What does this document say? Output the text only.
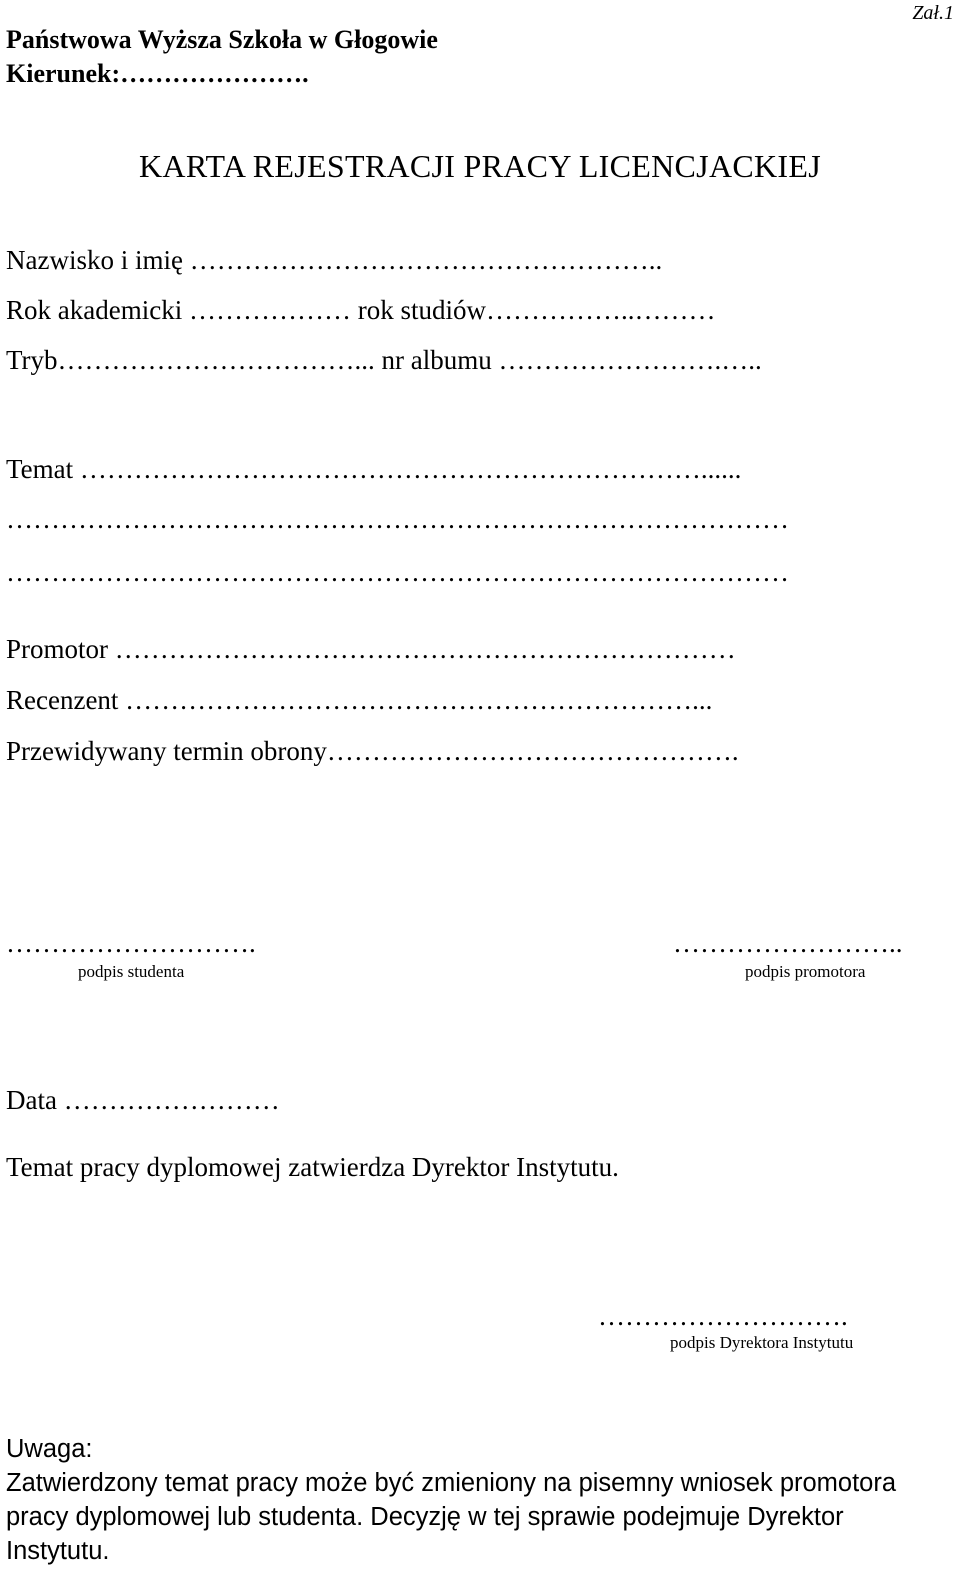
Zał.1

Państwowa Wyższa Szkoła w Głogowie

Kierunek:………………….

KARTA REJESTRACJI PRACY LICENCJACKIEJ

Nazwisko i imię ……………………………………………..

Rok akademicki ……………… rok studiów……………..………

Tryb……………………………... nr albumu …………………….…..

Temat ……………………………………………………………......

……………………………………………………………………………

……………………………………………………………………………

Promotor ……………………………………………………………

Recenzent ………………………………………………………...

Przewidywany termin obrony……………………………………….

……………………….

podpis studenta

……………………..

podpis promotora

Data ……………………

Temat pracy dyplomowej zatwierdza Dyrektor Instytutu.

……………………….

podpis Dyrektora Instytutu

Uwaga:

Zatwierdzony temat pracy może być zmieniony na pisemny wniosek promotora

pracy dyplomowej lub studenta. Decyzję w tej sprawie podejmuje Dyrektor

Instytutu.
